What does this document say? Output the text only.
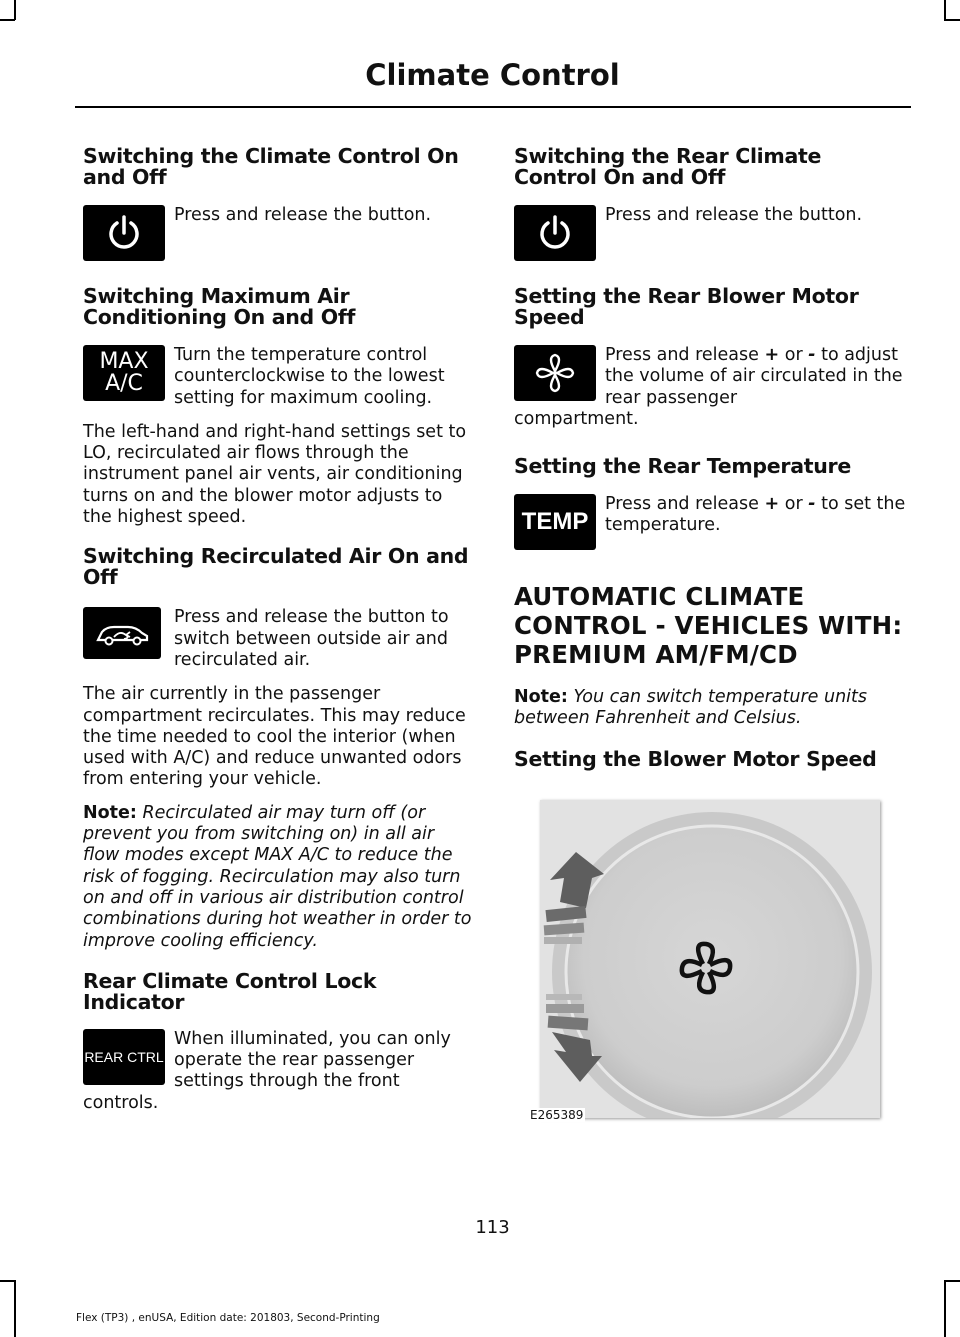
Climate Control
Switching the Climate Control On and Off
Press and release the button.
Switching Maximum Air Conditioning On and Off
MAX
A/C
Turn the temperature control counterclockwise to the lowest setting for maximum cooling.

The left-hand and right-hand settings set to LO, recirculated air flows through the instrument panel air vents, air conditioning turns on and the blower motor adjusts to the highest speed.

Switching Recirculated Air On and Off
Press and release the button to switch between outside air and recirculated air.

The air currently in the passenger compartment recirculates. This may reduce the time needed to cool the interior (when used with A/C) and reduce unwanted odors from entering your vehicle.

Note: Recirculated air may turn off (or prevent you from switching on) in all air flow modes except MAX A/C to reduce the risk of fogging. Recirculation may also turn on and off in various air distribution control combinations during hot weather in order to improve cooling efficiency.

Rear Climate Control Lock Indicator
REAR CTRL
When illuminated, you can only operate the rear passenger settings through the front

controls.

Switching the Rear Climate Control On and Off
Press and release the button.
Setting the Rear Blower Motor Speed
Press and release + or - to adjust the volume of air circulated in the rear passenger

compartment.

Setting the Rear Temperature
TEMP
Press and release + or - to set the temperature.
AUTOMATIC CLIMATE
CONTROL - VEHICLES WITH:
PREMIUM AM/FM/CD

Note: You can switch temperature units between Fahrenheit and Celsius.

Setting the Blower Motor Speed
E265389
113
Flex (TP3) , enUSA, Edition date: 201803, Second-Printing
